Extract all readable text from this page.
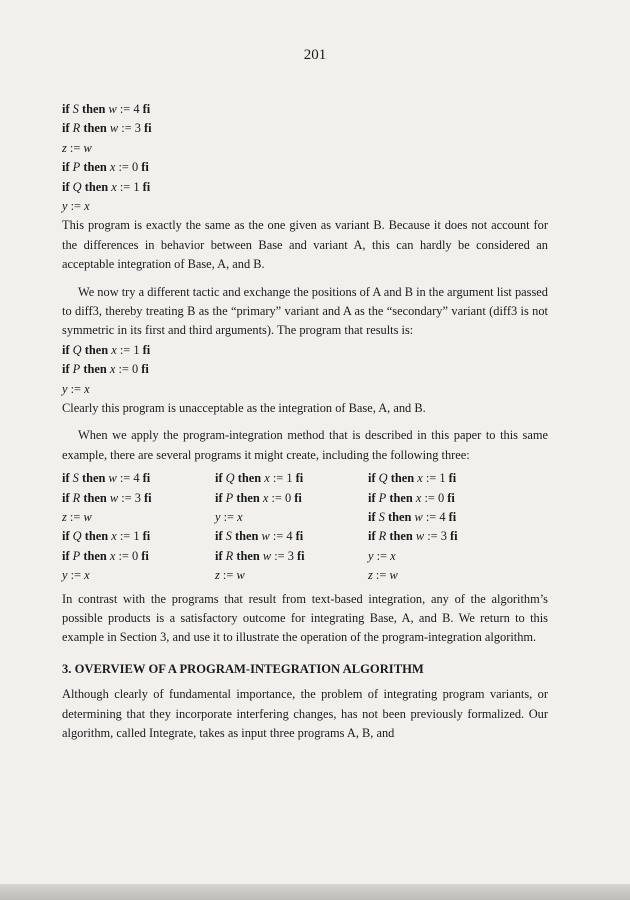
201
if S then w := 4 fi
if R then w := 3 fi
z := w
if P then x := 0 fi
if Q then x := 1 fi
y := x

This program is exactly the same as the one given as variant B. Because it does not account for the differences in behavior between Base and variant A, this can hardly be considered an acceptable integration of Base, A, and B.

We now try a different tactic and exchange the positions of A and B in the argument list passed to diff3, thereby treating B as the “primary” variant and A as the “secondary” variant (diff3 is not symmetric in its first and third arguments). The program that results is:

if Q then x := 1 fi
if P then x := 0 fi
y := x

Clearly this program is unacceptable as the integration of Base, A, and B.

When we apply the program-integration method that is described in this paper to this same example, there are several programs it might create, including the following three:

if S then w := 4 fi
if R then w := 3 fi
z := w
if Q then x := 1 fi
if P then x := 0 fi
y := x
if Q then x := 1 fi
if P then x := 0 fi
y := x
if S then w := 4 fi
if R then w := 3 fi
z := w
if Q then x := 1 fi
if P then x := 0 fi
if S then w := 4 fi
if R then w := 3 fi
y := x
z := w

In contrast with the programs that result from text-based integration, any of the algorithm’s possible products is a satisfactory outcome for integrating Base, A, and B. We return to this example in Section 3, and use it to illustrate the operation of the program-integration algorithm.

3. OVERVIEW OF A PROGRAM-INTEGRATION ALGORITHM

Although clearly of fundamental importance, the problem of integrating program variants, or determining that they incorporate interfering changes, has not been previously formalized. Our algorithm, called Integrate, takes as input three programs A, B, and
